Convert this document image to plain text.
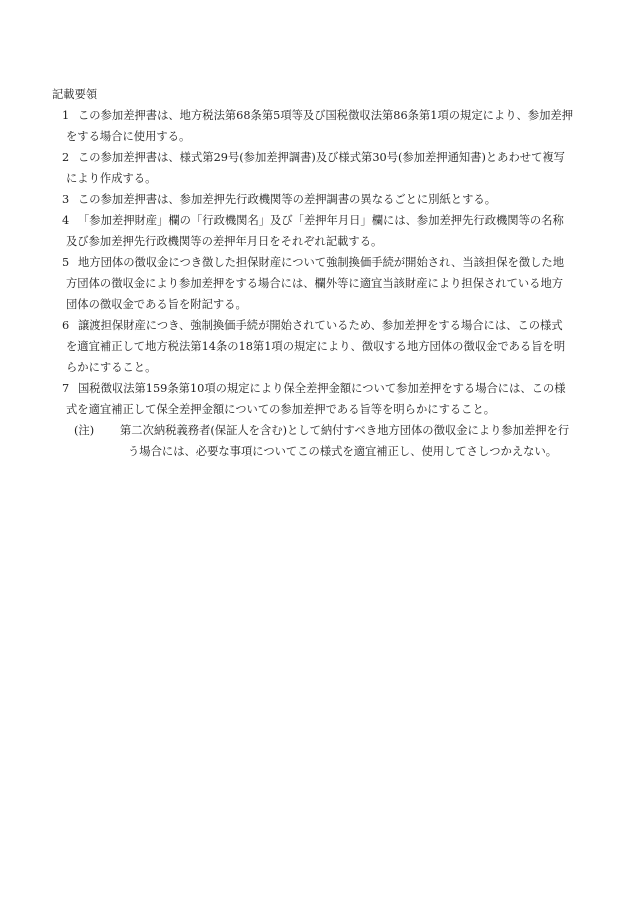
記載要領
1 この参加差押書は、地方税法第68条第5項等及び国税徴収法第86条第1項の規定により、参加差押
をする場合に使用する。
2 この参加差押書は、様式第29号(参加差押調書)及び様式第30号(参加差押通知書)とあわせて複写
により作成する。
3 この参加差押書は、参加差押先行政機関等の差押調書の異なるごとに別紙とする。
4 「参加差押財産」欄の「行政機関名」及び「差押年月日」欄には、参加差押先行政機関等の名称
及び参加差押先行政機関等の差押年月日をそれぞれ記載する。
5 地方団体の徴収金につき徴した担保財産について強制換価手続が開始され、当該担保を徴した地
方団体の徴収金により参加差押をする場合には、欄外等に適宜当該財産により担保されている地方
団体の徴収金である旨を附記する。
6 譲渡担保財産につき、強制換価手続が開始されているため、参加差押をする場合には、この様式
を適宜補正して地方税法第14条の18第1項の規定により、徴収する地方団体の徴収金である旨を明
らかにすること。
7 国税徴収法第159条第10項の規定により保全差押金額について参加差押をする場合には、この様
式を適宜補正して保全差押金額についての参加差押である旨等を明らかにすること。
(注) 第二次納税義務者(保証人を含む)として納付すべき地方団体の徴収金により参加差押を行
う場合には、必要な事項についてこの様式を適宜補正し、使用してさしつかえない。
